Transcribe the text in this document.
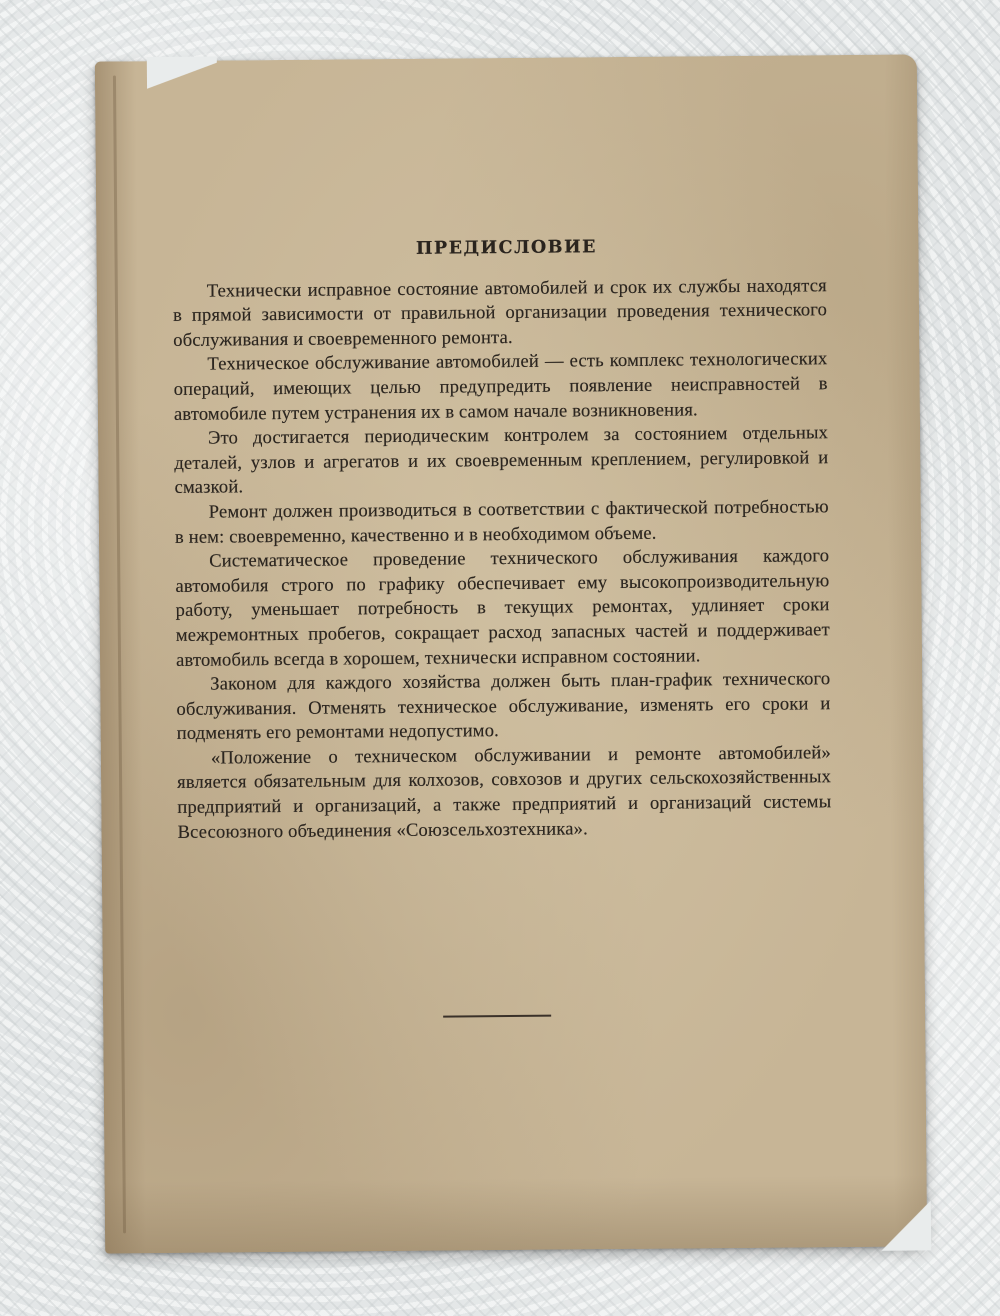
ПРЕДИСЛОВИЕ

Технически исправное состояние автомобилей и срок их службы находятся в прямой зависимости от правильной организации проведения технического обслуживания и своевременного ремонта.

Техническое обслуживание автомобилей — есть комплекс технологических операций, имеющих целью предупредить появление неисправностей в автомобиле путем устранения их в самом начале возникновения.

Это достигается периодическим контролем за состоянием отдельных деталей, узлов и агрегатов и их своевременным креплением, регулировкой и смазкой.

Ремонт должен производиться в соответствии с фактической потребностью в нем: своевременно, качественно и в необходимом объеме.

Систематическое проведение технического обслуживания каждого автомобиля строго по графику обеспечивает ему высокопроизводительную работу, уменьшает потребность в текущих ремонтах, удлиняет сроки межремонтных пробегов, сокращает расход запасных частей и поддерживает автомобиль всегда в хорошем, технически исправном состоянии.

Законом для каждого хозяйства должен быть план-график технического обслуживания. Отменять техническое обслуживание, изменять его сроки и подменять его ремонтами недопустимо.

«Положение о техническом обслуживании и ремонте автомобилей» является обязательным для колхозов, совхозов и других сельскохозяйственных предприятий и организаций, а также предприятий и организаций системы Всесоюзного объединения «Союзсельхозтехника».
